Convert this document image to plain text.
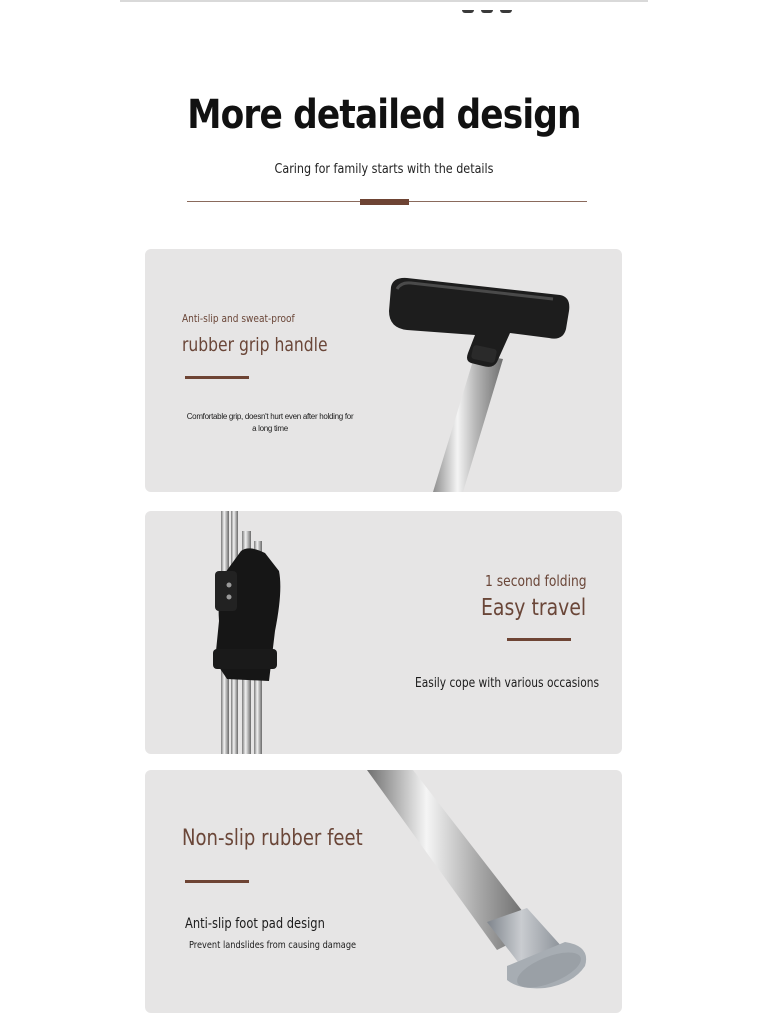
More detailed design
Caring for family starts with the details
Anti-slip and sweat-proof
rubber grip handle
Comfortable grip, doesn't hurt even after holding for a long time
1 second folding
Easy travel
Easily cope with various occasions
Non-slip rubber feet
Anti-slip foot pad design
Prevent landslides from causing damage
